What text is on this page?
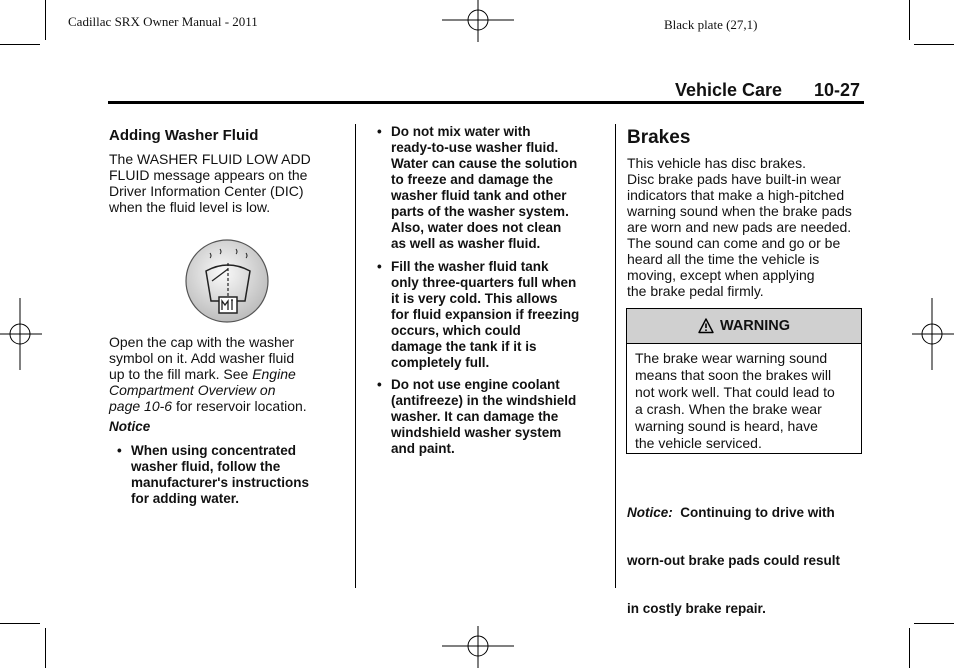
Cadillac SRX Owner Manual - 2011	Black plate (27,1)
Vehicle Care 10-27
Adding Washer Fluid
The WASHER FLUID LOW ADD
FLUID message appears on the
Driver Information Center (DIC)
when the fluid level is low.
Open the cap with the washer
symbol on it. Add washer fluid
up to the fill mark. See Engine
Compartment Overview on
page 10-6 for reservoir location.
Notice
• When using concentrated
washer fluid, follow the
manufacturer's instructions
for adding water.
• Do not mix water with
ready-to-use washer fluid.
Water can cause the solution
to freeze and damage the
washer fluid tank and other
parts of the washer system.
Also, water does not clean
as well as washer fluid.
• Fill the washer fluid tank
only three-quarters full when
it is very cold. This allows
for fluid expansion if freezing
occurs, which could
damage the tank if it is
completely full.
• Do not use engine coolant
(antifreeze) in the windshield
washer. It can damage the
windshield washer system
and paint.
Brakes
This vehicle has disc brakes.
Disc brake pads have built-in wear
indicators that make a high-pitched
warning sound when the brake pads
are worn and new pads are needed.
The sound can come and go or be
heard all the time the vehicle is
moving, except when applying
the brake pedal firmly.
WARNING
The brake wear warning sound
means that soon the brakes will
not work well. That could lead to
a crash. When the brake wear
warning sound is heard, have
the vehicle serviced.

Notice:  Continuing to drive with

worn-out brake pads could result

in costly brake repair.
